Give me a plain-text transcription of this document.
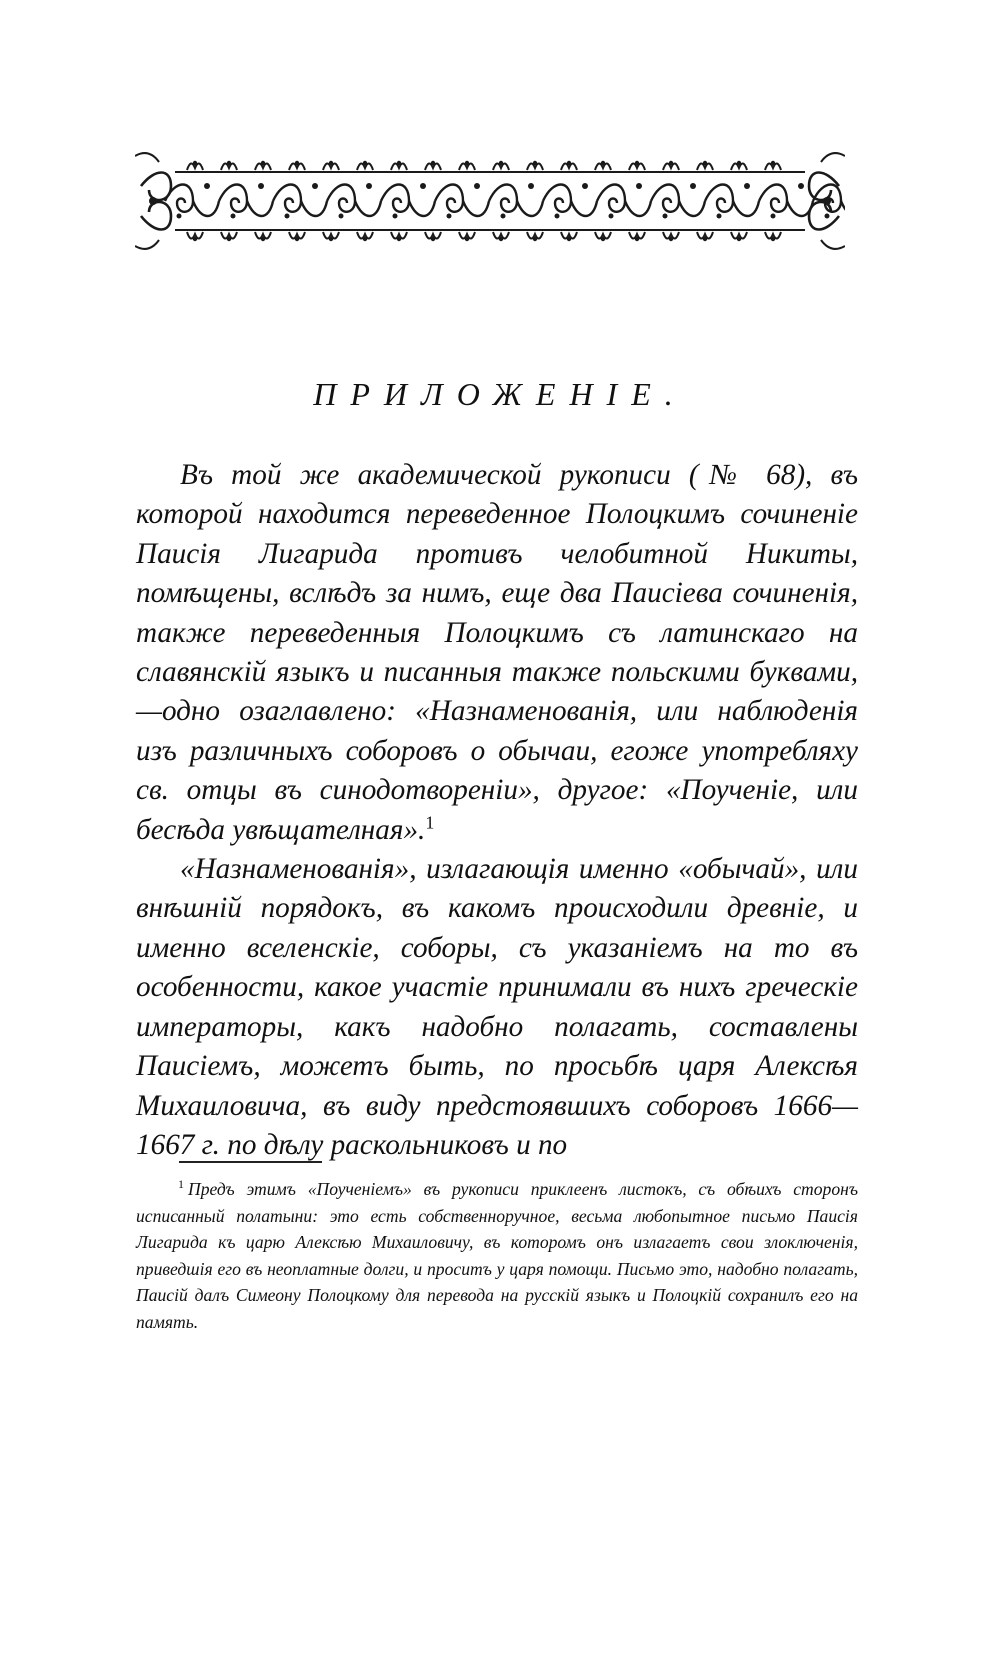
ПРИЛОЖЕНІЕ.

Въ той же академической рукописи (№ 68), въ которой находится переведенное Полоцкимъ сочиненіе Паисія Лигарида противъ челобитной Никиты, помѣщены, вслѣдъ за нимъ, еще два Паисіева сочиненія, также переведенныя Полоцкимъ съ латинскаго на славянскій языкъ и писанныя также польскими буквами,—одно озаглавлено: «Назнаменованія, или наблюденія изъ различныхъ соборовъ о обычаи, егоже употребляху св. отцы въ синодотвореніи», другое: «Поученіе, или бесѣда увѣщателная».$^1$

«Назнаменованія», излагающія именно «обычай», или внѣшній порядокъ, въ какомъ происходили древніе, и именно вселенскіе, соборы, съ указаніемъ на то въ особенности, какое участіе принимали въ нихъ греческіе императоры, какъ надобно полагать, составлены Паисіемъ, можетъ быть, по просьбѣ царя Алексѣя Михаиловича, въ виду предстоявшихъ соборовъ 1666—1667 г. по дѣлу раскольниковъ и по

$^1$ Предъ этимъ «Поученіемъ» въ рукописи приклеенъ листокъ, съ обѣихъ сторонъ исписанный полатыни: это есть собственноручное, весьма любопытное письмо Паисія Лигарида къ царю Алексѣю Михаиловичу, въ которомъ онъ излагаетъ свои злоключенія, приведшія его въ неоплатные долги, и проситъ у царя помощи. Письмо это, надобно полагать, Паисій далъ Симеону Полоцкому для перевода на русскій языкъ и Полоцкій сохранилъ его на память.
